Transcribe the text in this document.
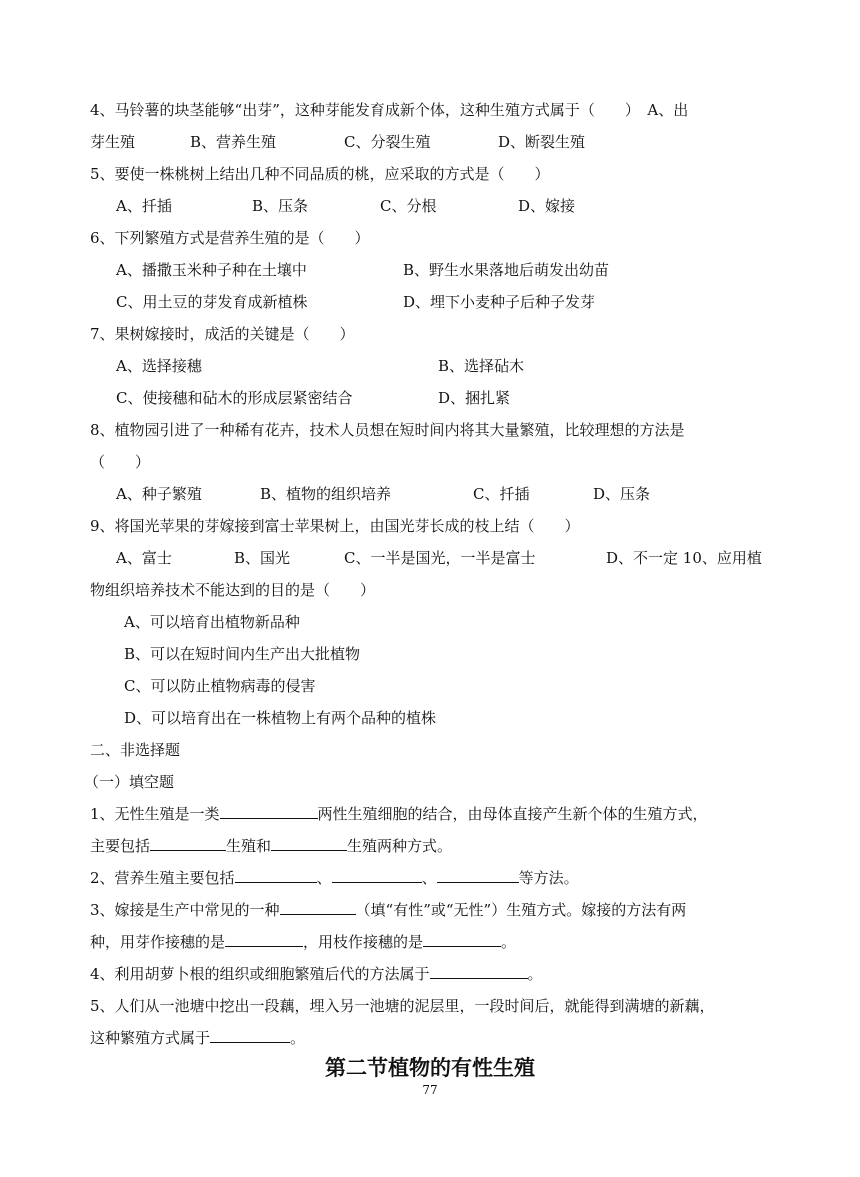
4、马铃薯的块茎能够“出芽”，这种芽能发育成新个体，这种生殖方式属于（　　）　A、出
芽生殖	B、营养生殖	C、分裂生殖	D、断裂生殖
5、要使一株桃树上结出几种不同品质的桃，应采取的方式是（　　）
A、扦插	B、压条	C、分根	D、嫁接
6、下列繁殖方式是营养生殖的是（　　）
A、播撒玉米种子种在土壤中	B、野生水果落地后萌发出幼苗
C、用土豆的芽发育成新植株	D、埋下小麦种子后种子发芽
7、果树嫁接时，成活的关键是（　　）
A、选择接穗	B、选择砧木
C、使接穗和砧木的形成层紧密结合	D、捆扎紧
8、植物园引进了一种稀有花卉，技术人员想在短时间内将其大量繁殖，比较理想的方法是
（　　）
A、种子繁殖	B、植物的组织培养	C、扦插	D、压条
9、将国光苹果的芽嫁接到富士苹果树上，由国光芽长成的枝上结（　　）
A、富士	B、国光	C、一半是国光，一半是富士	D、不一定 10、应用植
物组织培养技术不能达到的目的是（　　）
A、可以培育出植物新品种
B、可以在短时间内生产出大批植物
C、可以防止植物病毒的侵害
D、可以培育出在一株植物上有两个品种的植株
二、非选择题
（一）填空题
1、无性生殖是一类	两性生殖细胞的结合，由母体直接产生新个体的生殖方式，
主要包括	生殖和	生殖两种方式。
2、营养生殖主要包括	、	、	等方法。
3、嫁接是生产中常见的一种	（填“有性”或“无性”）生殖方式。嫁接的方法有两
种，用芽作接穗的是	，用枝作接穗的是	。
4、利用胡萝卜根的组织或细胞繁殖后代的方法属于	。
5、人们从一池塘中挖出一段藕，埋入另一池塘的泥层里，一段时间后，就能得到满塘的新藕，
这种繁殖方式属于	。
第二节植物的有性生殖
77
